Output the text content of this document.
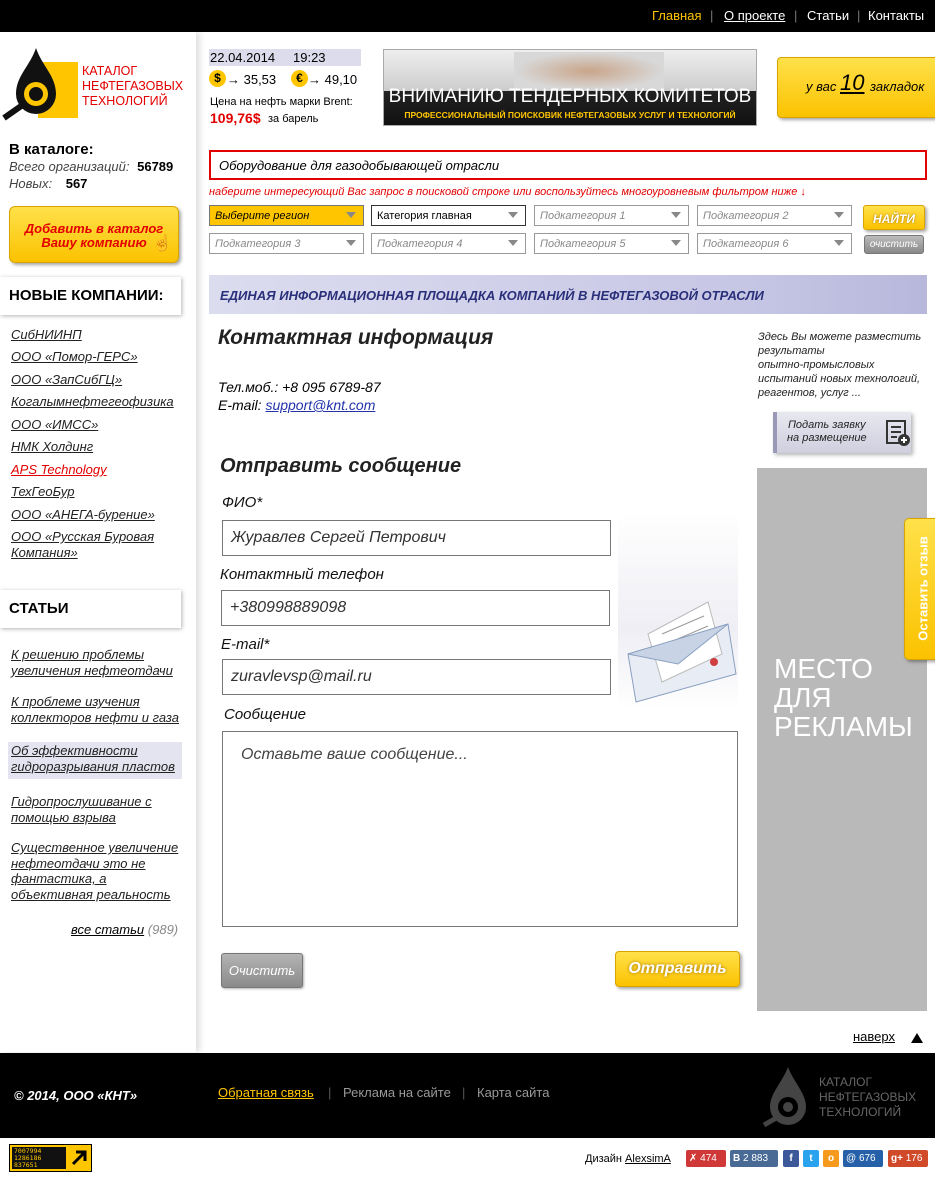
Главная | О проекте | Статьи | Контакты
КАТАЛОГ
НЕФТЕГАЗОВЫХ
ТЕХНОЛОГИЙ
В каталоге:
Всего организаций: 56789
Новых: 567
Добавить в каталог
Вашу компанию ☝
НОВЫЕ КОМПАНИИ:
СТАТЬИ
все статьи (989)
22.04.2014 19:23
$ → 35,53	€ → 49,10
Цена на нефть марки Brent:
109,76$ за барель
ВНИМАНИЮ ТЕНДЕРНЫХ КОМИТЕТОВ
ПРОФЕССИОНАЛЬНЫЙ ПОИСКОВИК НЕФТЕГАЗОВЫХ УСЛУГ И ТЕХНОЛОГИЙ
у вас 10 закладок
Оборудование для газодобывающей отрасли
наберите интересующий Вас запрос в поисковой строке или воспользуйтесь многоуровневым фильтром ниже ↓
Выберите регион	Категория главная	Подкатегория 1	Подкатегория 2
Подкатегория 3	Подкатегория 4	Подкатегория 5	Подкатегория 6
НАЙТИ
очистить
ЕДИНАЯ ИНФОРМАЦИОННАЯ ПЛОЩАДКА КОМПАНИЙ В НЕФТЕГАЗОВОЙ ОТРАСЛИ
Контактная информация
Тел.моб.: +8 095 6789-87
E-mail: support@knt.com
Отправить сообщение
ФИО*
Журавлев Сергей Петрович
Контактный телефон
+380998889098
E-mail*
zuravlevsp@mail.ru
Сообщение
Оставьте ваше сообщение...
Очистить	Отправить
Здесь Вы можете разместить
результаты
опытно-промысловых
испытаний новых технологий,
реагентов, услуг ...
Подать заявку
на размещение
МЕСТО
ДЛЯ
РЕКЛАМЫ
Оставить отзыв
наверх
© 2014, ООО «КНТ»	Обратная связь | Реклама на сайте | Карта сайта
КАТАЛОГ
НЕФТЕГАЗОВЫХ
ТЕХНОЛОГИЙ
7007994
1286186
837651	Дизайн AlexsimA	✗ 474	В 2 883	f	t	о	@ 676	g+ 176
СибНИИНП
ООО «Помор-ГЕРС»
ООО «ЗапСибГЦ»
Когалымнефтегеофизика
ООО «ИМСС»
НМК Холдинг
APS Technology
ТехГеоБур
ООО «АНЕГА-бурение»
ООО «Русская Буровая
Компания»
К решению проблемы
увеличения нефтеотдачи
К проблеме изучения
коллекторов нефти и газа
Об эффективности
гидроразрывания пластов
Гидропрослушивание с
помощью взрыва
Существенное увеличение
нефтеотдачи это не
фантастика, а
объективная реальность
